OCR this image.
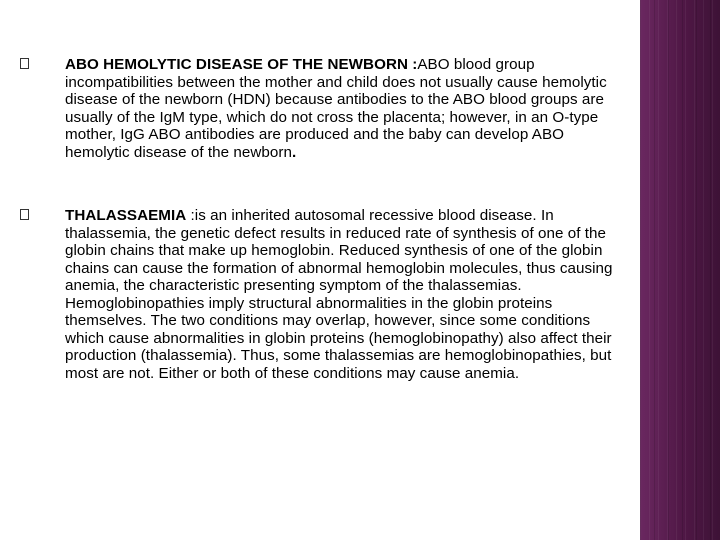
ABO HEMOLYTIC DISEASE OF THE NEWBORN :ABO blood group incompatibilities between the mother and child does not usually cause hemolytic disease of the newborn (HDN) because antibodies to the ABO blood groups are usually of the IgM type, which do not cross the placenta; however, in an O-type mother, IgG ABO antibodies are produced and the baby can develop ABO hemolytic disease of the newborn.
THALASSAEMIA :is an inherited autosomal recessive blood disease. In thalassemia, the genetic defect results in reduced rate of synthesis of one of the globin chains that make up hemoglobin. Reduced synthesis of one of the globin chains can cause the formation of abnormal hemoglobin molecules, thus causing anemia, the characteristic presenting symptom of the thalassemias. Hemoglobinopathies imply structural abnormalities in the globin proteins themselves. The two conditions may overlap, however, since some conditions which cause abnormalities in globin proteins (hemoglobinopathy) also affect their production (thalassemia). Thus, some thalassemias are hemoglobinopathies, but most are not. Either or both of these conditions may cause anemia.
